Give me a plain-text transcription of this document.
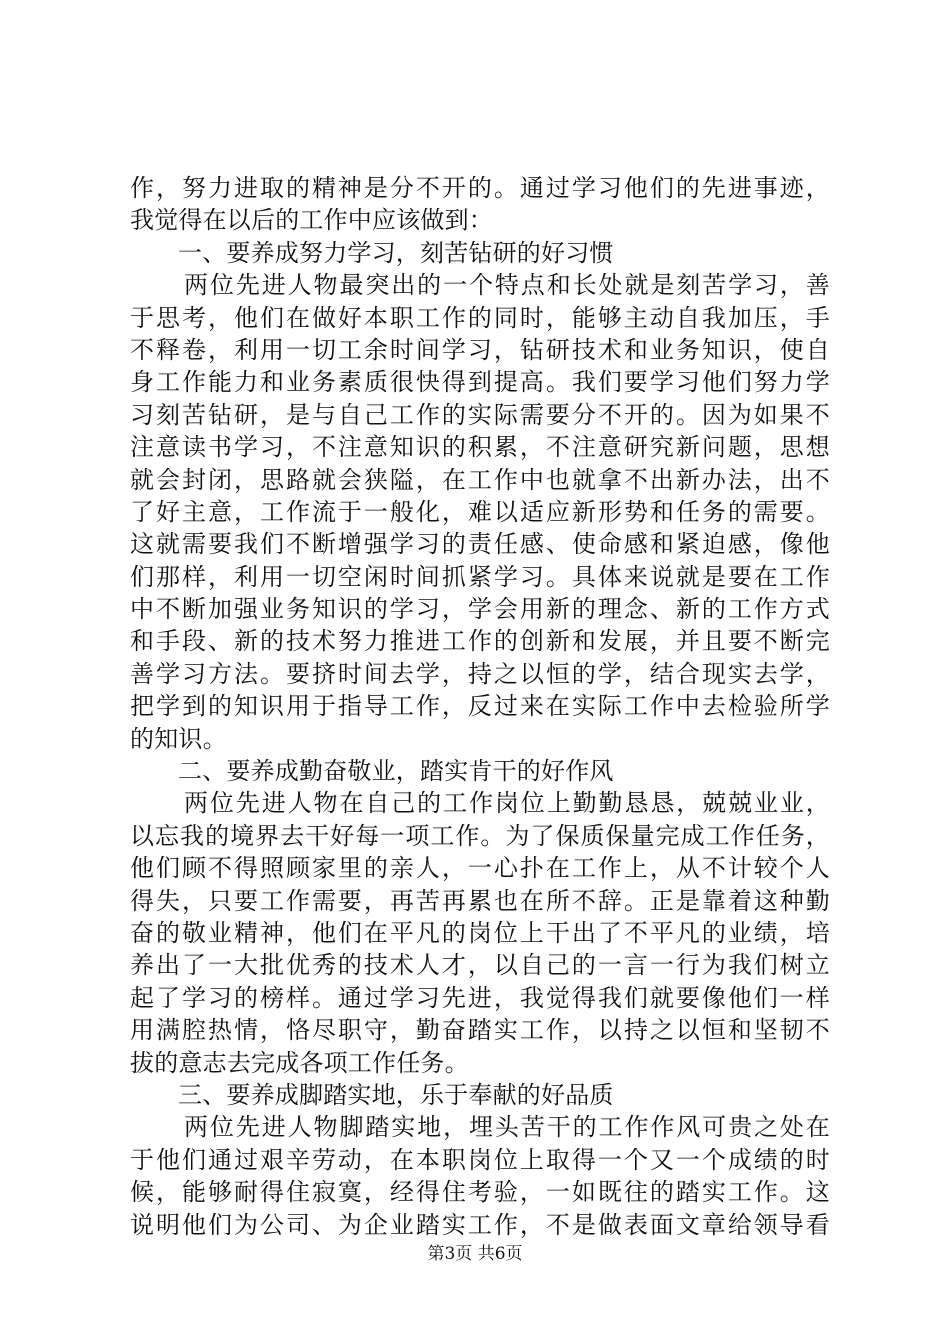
作，努力进取的精神是分不开的。通过学习他们的先进事迹，
我觉得在以后的工作中应该做到：
一、要养成努力学习，刻苦钻研的好习惯
两位先进人物最突出的一个特点和长处就是刻苦学习，善
于思考，他们在做好本职工作的同时，能够主动自我加压，手
不释卷，利用一切工余时间学习，钻研技术和业务知识，使自
身工作能力和业务素质很快得到提高。我们要学习他们努力学
习刻苦钻研，是与自己工作的实际需要分不开的。因为如果不
注意读书学习，不注意知识的积累，不注意研究新问题，思想
就会封闭，思路就会狭隘，在工作中也就拿不出新办法，出不
了好主意，工作流于一般化，难以适应新形势和任务的需要。
这就需要我们不断增强学习的责任感、使命感和紧迫感，像他
们那样，利用一切空闲时间抓紧学习。具体来说就是要在工作
中不断加强业务知识的学习，学会用新的理念、新的工作方式
和手段、新的技术努力推进工作的创新和发展，并且要不断完
善学习方法。要挤时间去学，持之以恒的学，结合现实去学，
把学到的知识用于指导工作，反过来在实际工作中去检验所学
的知识。
二、要养成勤奋敬业，踏实肯干的好作风
两位先进人物在自己的工作岗位上勤勤恳恳，兢兢业业，
以忘我的境界去干好每一项工作。为了保质保量完成工作任务，
他们顾不得照顾家里的亲人，一心扑在工作上，从不计较个人
得失，只要工作需要，再苦再累也在所不辞。正是靠着这种勤
奋的敬业精神，他们在平凡的岗位上干出了不平凡的业绩，培
养出了一大批优秀的技术人才，以自己的一言一行为我们树立
起了学习的榜样。通过学习先进，我觉得我们就要像他们一样
用满腔热情，恪尽职守，勤奋踏实工作，以持之以恒和坚韧不
拔的意志去完成各项工作任务。
三、要养成脚踏实地，乐于奉献的好品质
两位先进人物脚踏实地，埋头苦干的工作作风可贵之处在
于他们通过艰辛劳动，在本职岗位上取得一个又一个成绩的时
候，能够耐得住寂寞，经得住考验，一如既往的踏实工作。这
说明他们为公司、为企业踏实工作，不是做表面文章给领导看
第3页 共6页
